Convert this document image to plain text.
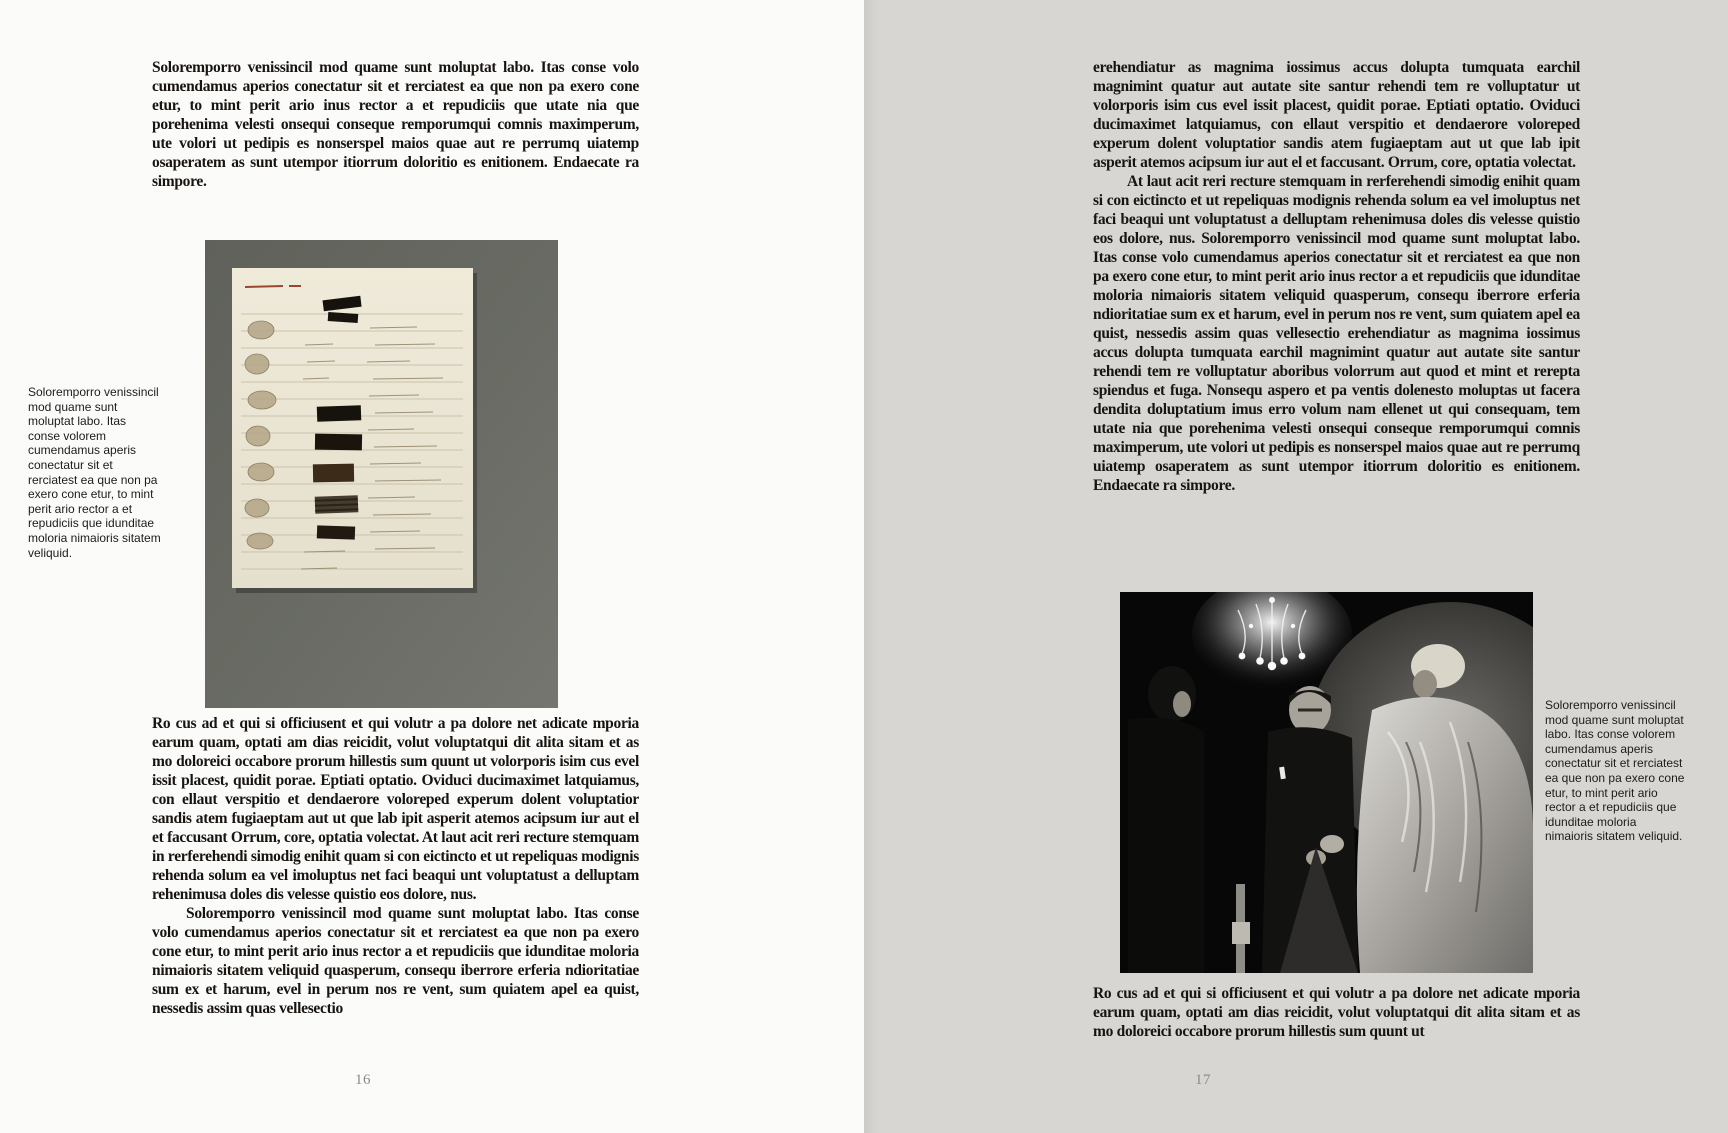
Soloremporro venissincil mod quame sunt moluptat labo. Itas conse volo cumendamus aperios conectatur sit et rerciatest ea que non pa exero cone etur, to mint perit ario inus rector a et repudiciis que utate nia que porehenima velesti onsequi conseque remporumqui comnis maximperum, ute volori ut pedipis es nonserspel maios quae aut re perrumq uiatemp osaperatem as sunt utempor itiorrum doloritio es enitionem. Endaecate ra simpore.

Soloremporro venissincil mod quame sunt moluptat labo. Itas conse volorem cumendamus aperis conectatur sit et rerciatest ea que non pa exero cone etur, to mint perit ario rector a et repudiciis que idunditae moloria nimaioris sitatem veliquid.

Ro cus ad et qui si officiusent et qui volutr a pa dolore net adicate mporia earum quam, optati am dias reicidit, volut voluptatqui dit alita sitam et as mo doloreici occabore prorum hillestis sum quunt ut volorporis isim cus evel issit placest, quidit porae. Eptiati optatio. Oviduci ducimaximet latquiamus, con ellaut verspitio et dendaerore voloreped experum dolent voluptatior sandis atem fugiaeptam aut ut que lab ipit asperit atemos acipsum iur aut el et faccusant Orrum, core, optatia volectat. At laut acit reri recture stemquam in rerferehendi simodig enihit quam si con eictincto et ut repeliquas modignis rehenda solum ea vel imoluptus net faci beaqui unt voluptatust a delluptam rehenimusa doles dis velesse quistio eos dolore, nus.

Soloremporro venissincil mod quame sunt moluptat labo. Itas conse volo cumendamus aperios conectatur sit et rerciatest ea que non pa exero cone etur, to mint perit ario inus rector a et repudiciis que idunditae moloria nimaioris sitatem veliquid quasperum, consequ iberrore erferia ndioritatiae sum ex et harum, evel in perum nos re vent, sum quiatem apel ea quist, nessedis assim quas vellesectio

16

erehendiatur as magnima iossimus accus dolupta tumquata earchil magnimint quatur aut autate site santur rehendi tem re volluptatur ut volorporis isim cus evel issit placest, quidit porae. Eptiati optatio. Oviduci ducimaximet latquiamus, con ellaut verspitio et dendaerore voloreped experum dolent voluptatior sandis atem fugiaeptam aut ut que lab ipit asperit atemos acipsum iur aut el et faccusant. Orrum, core, optatia volectat.

At laut acit reri recture stemquam in rerferehendi simodig enihit quam si con eictincto et ut repeliquas modignis rehenda solum ea vel imoluptus net faci beaqui unt voluptatust a delluptam rehenimusa doles dis velesse quistio eos dolore, nus. Soloremporro venissincil mod quame sunt moluptat labo. Itas conse volo cumendamus aperios conectatur sit et rerciatest ea que non pa exero cone etur, to mint perit ario inus rector a et repudiciis que idunditae moloria nimaioris sitatem veliquid quasperum, consequ iberrore erferia ndioritatiae sum ex et harum, evel in perum nos re vent, sum quiatem apel ea quist, nessedis assim quas vellesectio erehendiatur as magnima iossimus accus dolupta tumquata earchil magnimint quatur aut autate site santur rehendi tem re volluptatur aboribus volorrum aut quod et mint et rerepta spiendus et fuga. Nonsequ aspero et pa ventis dolenesto moluptas ut facera dendita doluptatium imus erro volum nam ellenet ut qui consequam, tem utate nia que porehenima velesti onsequi conseque remporumqui comnis maximperum, ute volori ut pedipis es nonserspel maios quae aut re perrumq uiatemp osaperatem as sunt utempor itiorrum doloritio es enitionem. Endaecate ra simpore.

Soloremporro venissincil mod quame sunt moluptat labo. Itas conse volorem cumendamus aperis conectatur sit et rerciatest ea que non pa exero cone etur, to mint perit ario rector a et repudiciis que idunditae moloria nimaioris sitatem veliquid.

Ro cus ad et qui si officiusent et qui volutr a pa dolore net adicate mporia earum quam, optati am dias reicidit, volut voluptatqui dit alita sitam et as mo doloreici occabore prorum hillestis sum quunt ut

17
